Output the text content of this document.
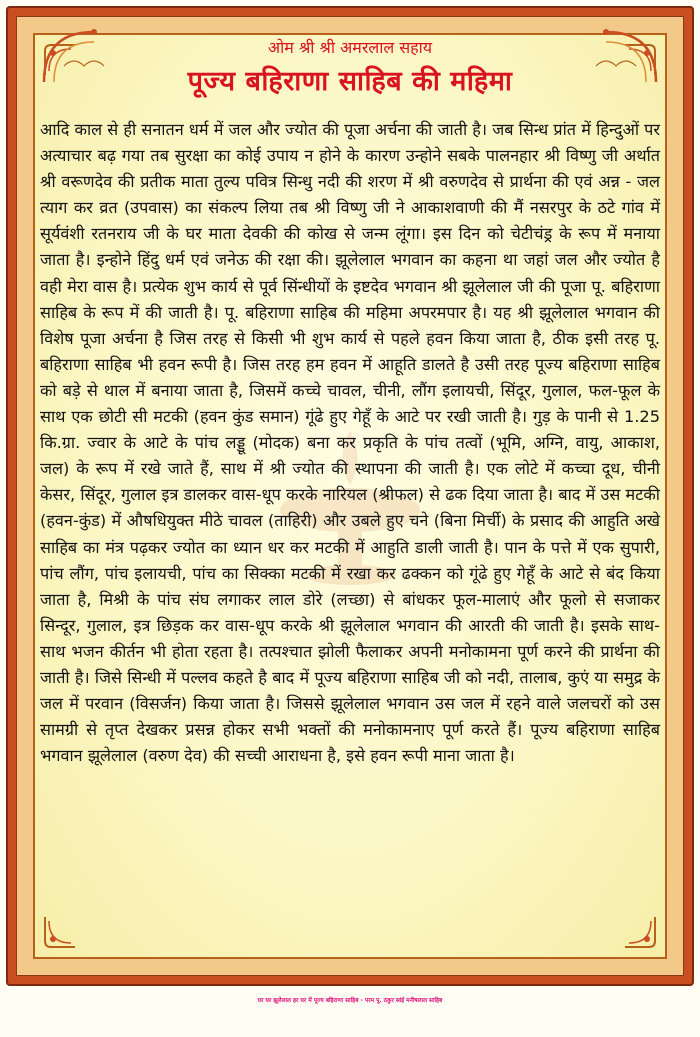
ओम श्री श्री अमरलाल सहाय

पूज्य बहिराणा साहिब की महिमा

आदि काल से ही सनातन धर्म में जल और ज्योत की पूजा अर्चना की जाती है। जब सिन्ध प्रांत में हिन्दुओं पर अत्याचार बढ़ गया तब सुरक्षा का कोई उपाय न होने के कारण उन्होने सबके पालनहार श्री विष्णु जी अर्थात श्री वरूणदेव की प्रतीक माता तुल्य पवित्र सिन्धु नदी की शरण में श्री वरुणदेव से प्रार्थना की एवं अन्न - जल त्याग कर व्रत (उपवास) का संकल्प लिया तब श्री विष्णु जी ने आकाशवाणी की मैं नसरपुर के ठटे गांव में सूर्यवंशी रतनराय जी के घर माता देवकी की कोख से जन्म लूंगा। इस दिन को चेटीचंड्र के रूप में मनाया जाता है। इन्होने हिंदु धर्म एवं जनेऊ की रक्षा की। झूलेलाल भगवान का कहना था जहां जल और ज्योत है वही मेरा वास है। प्रत्येक शुभ कार्य से पूर्व सिंन्धीयों के इष्टदेव भगवान श्री झूलेलाल जी की पूजा पू. बहिराणा साहिब के रूप में की जाती है। पू. बहिराणा साहिब की महिमा अपरमपार है। यह श्री झूलेलाल भगवान की विशेष पूजा अर्चना है जिस तरह से किसी भी शुभ कार्य से पहले हवन किया जाता है, ठीक इसी तरह पू. बहिराणा साहिब भी हवन रूपी है। जिस तरह हम हवन में आहूति डालते है उसी तरह पूज्य बहिराणा साहिब को बड़े से थाल में बनाया जाता है, जिसमें कच्चे चावल, चीनी, लौंग इलायची, सिंदूर, गुलाल, फल-फूल के साथ एक छोटी सी मटकी (हवन कुंड समान) गूंढे हुए गेहूँ के आटे पर रखी जाती है। गुड़ के पानी से 1.25 कि.ग्रा. ज्वार के आटे के पांच लड्डू (मोदक) बना कर प्रकृति के पांच तत्वों (भूमि, अग्नि, वायु, आकाश, जल) के रूप में रखे जाते हैं, साथ में श्री ज्योत की स्थापना की जाती है। एक लोटे में कच्चा दूध, चीनी केसर, सिंदूर, गुलाल इत्र डालकर वास-धूप करके नारियल (श्रीफल) से ढक दिया जाता है। बाद में उस मटकी (हवन-कुंड) में औषधियुक्त मीठे चावल (ताहिरी) और उबले हुए चने (बिना मिर्ची) के प्रसाद की आहुति अखे साहिब का मंत्र पढ़कर ज्योत का ध्यान धर कर मटकी में आहुति डाली जाती है। पान के पत्ते में एक सुपारी, पांच लौंग, पांच इलायची, पांच का सिक्का मटकी में रखा कर ढक्कन को गूंढे हुए गेहूँ के आटे से बंद किया जाता है, मिश्री के पांच संघ लगाकर लाल डोरे (लच्छा) से बांधकर फूल-मालाएं और फूलो से सजाकर सिन्दूर, गुलाल, इत्र छिड़क कर वास-धूप करके श्री झूलेलाल भगवान की आरती की जाती है। इसके साथ-साथ भजन कीर्तन भी होता रहता है। तत्पश्चात झोली फैलाकर अपनी मनोकामना पूर्ण करने की प्रार्थना की जाती है। जिसे सिन्धी में पल्लव कहते है बाद में पूज्य बहिराणा साहिब जी को नदी, तालाब, कुएं या समुद्र के जल में परवान (विसर्जन) किया जाता है। जिससे झूलेलाल भगवान उस जल में रहने वाले जलचरों को उस सामग्री से तृप्त देखकर प्रसन्न होकर सभी भक्तों की मनोकामनाए पूर्ण करते हैं। पूज्य बहिराणा साहिब भगवान झूलेलाल (वरुण देव) की सच्ची आराधना है, इसे हवन रूपी माना जाता है।

घर घर झूलेलाल हर घर में पूज्य बहिराणा साहिब - परम पू. ठकुर सांई मनीषलाल साहिब
